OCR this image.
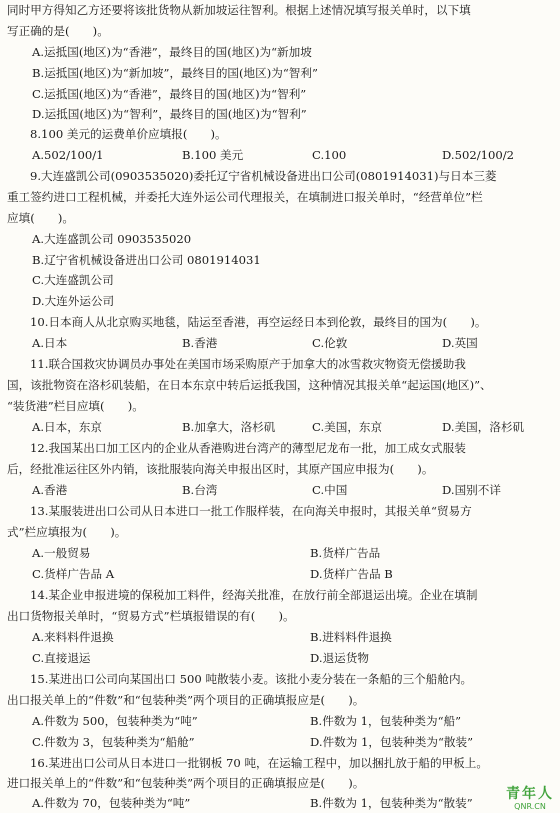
同时甲方得知乙方还要将该批货物从新加坡运往智利。根据上述情况填写报关单时，以下填
写正确的是(　　)。
A.运抵国(地区)为“香港”，最终目的国(地区)为“新加坡
B.运抵国(地区)为“新加坡”，最终目的国(地区)为“智利”
C.运抵国(地区)为“香港”，最终目的国(地区)为“智利”
D.运抵国(地区)为“智利”，最终目的国(地区)为“智利”
8.100 美元的运费单价应填报(　　)。
A.502/100/1	B.100 美元	C.100	D.502/100/2
9.大连盛凯公司(0903535020)委托辽宁省机械设备进出口公司(0801914031)与日本三菱
重工签约进口工程机械，并委托大连外运公司代理报关，在填制进口报关单时，“经营单位”栏
应填(　　)。
A.大连盛凯公司 0903535020
B.辽宁省机械设备进出口公司 0801914031
C.大连盛凯公司
D.大连外运公司
10.日本商人从北京购买地毯，陆运至香港，再空运经日本到伦敦，最终目的国为(　　)。
A.日本	B.香港	C.伦敦	D.英国
11.联合国救灾协调员办事处在美国市场采购原产于加拿大的冰雪救灾物资无偿援助我
国，该批物资在洛杉矶装船，在日本东京中转后运抵我国，这种情况其报关单“起运国(地区)”、
“装货港”栏目应填(　　)。
A.日本，东京	B.加拿大，洛杉矶	C.美国，东京	D.美国，洛杉矶
12.我国某出口加工区内的企业从香港购进台湾产的薄型尼龙布一批，加工成女式服装
后，经批准运往区外内销，该批服装向海关申报出区时，其原产国应申报为(　　)。
A.香港	B.台湾	C.中国	D.国别不详
13.某服装进出口公司从日本进口一批工作服样装，在向海关申报时，其报关单“贸易方
式”栏应填报为(　　)。
A.一般贸易	B.货样广告品
C.货样广告品 A	D.货样广告品 B
14.某企业申报进境的保税加工料件，经海关批准，在放行前全部退运出境。企业在填制
出口货物报关单时，“贸易方式”栏填报错误的有(　　)。
A.来料料件退换	B.进料料件退换
C.直接退运	D.退运货物
15.某进出口公司向某国出口 500 吨散装小麦。该批小麦分装在一条船的三个船舱内。
出口报关单上的“件数”和“包装种类”两个项目的正确填报应是(　　)。
A.件数为 500，包装种类为“吨”	B.件数为 1，包装种类为“船”
C.件数为 3，包装种类为“船舱”	D.件数为 1，包装种类为“散装”
16.某进出口公司从日本进口一批钢板 70 吨，在运输工程中，加以捆扎放于船的甲板上。
进口报关单上的“件数”和“包装种类”两个项目的正确填报应是(　　)。
A.件数为 70，包装种类为“吨”	B.件数为 1，包装种类为“散装”
青年人
QNR.CN
